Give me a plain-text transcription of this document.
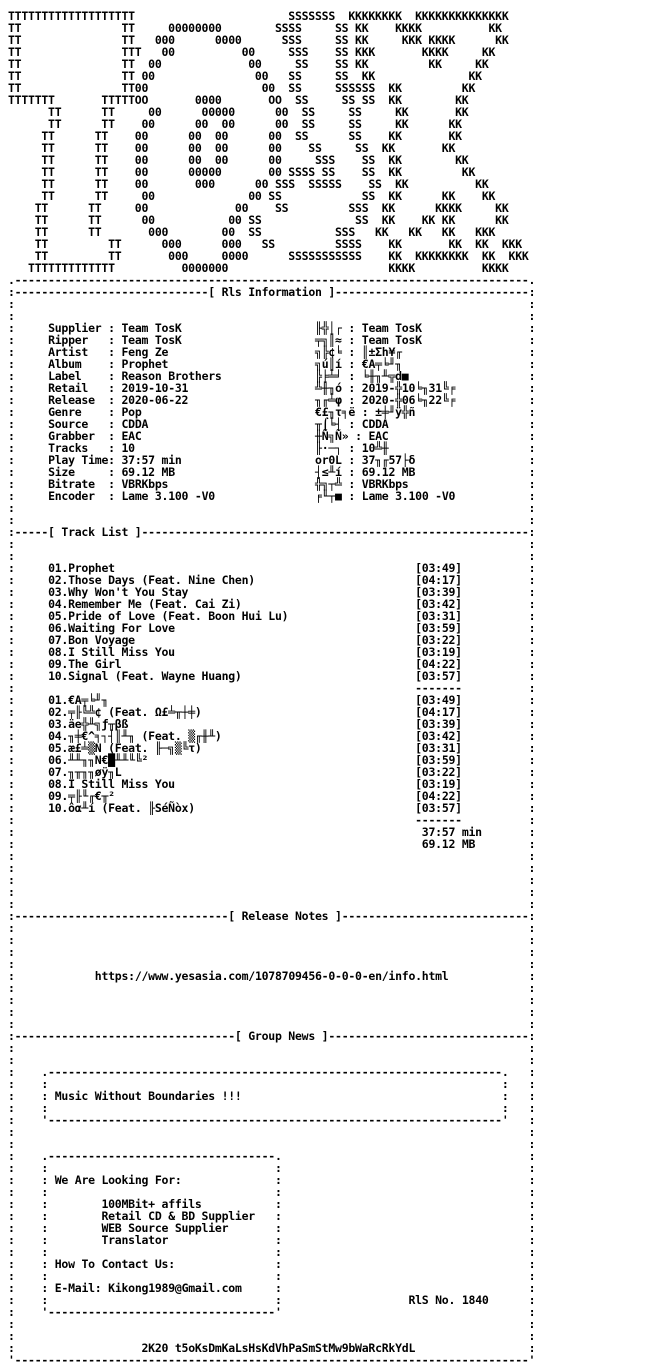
TTTTTTTTTTTTTTTTTTT                       SSSSSSS  KKKKKKKK  KKKKKKKKKKKKKK
TT               TT     00000000        SSSS     SS KK    KKKK          KK
TT               TT   000      0000      SSS     SS KK     KKK KKKK      KK
TT               TTT   00          00     SSS    SS KKK       KKKK     KK
TT               TT  00             00     SS    SS KK         KK     KK
TT               TT 00               00   SS     SS  KK              KK
TT               TT00                 00  SS     SSSSSS  KK         KK
TTTTTTT       TTTTTOO       0000       OO  SS     SS SS  KK        KK
TT      TT     00      00000      00  SS     SS     KK       KK
TT      TT    00      00  00      00  SS     SS     KK      KK
TT      TT    00      00  00      00  SS      SS    KK       KK
TT      TT    00      00  00      00    SS     SS  KK       KK
TT      TT    00      00  00      00     SSS    SS  KK        KK
TT      TT    00      00000       00 SSSS SS    SS  KK         KK
TT      TT    00       000      00 SSS  SSSSS    SS  KK          KK
TT      TT     00              00 SS            SS  KK      KK    KK
TT      TT     00             00    SS         SSS  KK      KKKK     KK
TT      TT      00           00 SS              SS  KK    KK KK      KK
TT      TT       000        00  SS           SSS   KK   KK   KK   KKK
TT         TT      000      000   SS         SSSS    KK       KK  KK  KKK
TT         TT       000     0000      SSSSSSSSSSS    KK  KKKKKKKK  KK  KKK
TTTTTTTTTTTTT          0000000                        KKKK          KKKK
.-----------------------------------------------------------------------------.
:-----------------------------[ Rls Information ]-----------------------------:
:                                                                             :
:                                                                             :
:	Supplier : Team TosK	╟╬│┌ : Team TosK	:
:	Ripper   : Team TosK	╤╗║≈ : Team TosK	:
:	Artist   : Feng Ze	╗╠¢╘ : ║±Σh¥╓	:
:	Album    : Prophet	╗ú║í : €A╤╘╜╖	:
:	Label    : Reason Brothers	╠╞╧╛ : ╘╫╖╨╦d■	:
:	Retail   : 2019-10-31	╩╫╖ó : 2019-╬10╘╖31╚╒	:
:	Release  : 2020-06-22	╖╓╧φ : 2020-╬06╘╖22╚╒	:
:	Genre    : Pop	€£╖τ╕ё : ±╪╜ÿ╬ñ	:
:	Source   : CDDA	╥⌠╘┤ : CDDA	:
:	Grabber  : EAC	╫Ñ╗Ñ» : EAC	:
:	Tracks   : 10	╟·─┐ : 10╩╫	:
:	Play Time: 37:57 min	or0L : 37╖╓57├δ	:
:	Size     : 69.12 MB	┤≤╨í : 69.12 MB	:
:	Bitrate  : VBRKbps	╬╗┬╩ : VBRKbps	:
:	Encoder  : Lame 3.100 -V0	╒╙┬■ : Lame 3.100 -V0	:
:                                                                             :
:                                                                             :
:-----[ Track List ]----------------------------------------------------------:
:                                                                             :
:                                                                             :
:	01.Prophet	[03:49]	:
:	02.Those Days (Feat. Nine Chen)	[04:17]	:
:	03.Why Won't You Stay	[03:39]	:
:	04.Remember Me (Feat. Cai Zi)	[03:42]	:
:	05.Pride of Love (Feat. Boon Hui Lu)	[03:31]	:
:	06.Waiting For Love	[03:59]	:
:	07.Bon Voyage	[03:22]	:
:	08.I Still Miss You	[03:19]	:
:	09.The Girl	[04:22]	:
:	10.Signal (Feat. Wayne Huang)	[03:57]	:
:                                                            -------	:
:	01.€A╤╘╜╖	[03:49]	:
:	02.╤╟╚╩¢ (Feat. Ω£╧╥┼╪)	[04:17]	:
:	03.äe╬╨╗ƒ╥βß	[03:39]	:
:	04.╖╪€^╕┐┤║╨╖ (Feat. ▒╓╫╨)	[03:42]	:
:	05.æ£╧▒N (Feat. ╟─╗▒╚τ)	[03:31]	:
:	06.╨╨╖╖N€█╨╨╙╚²	[03:59]	:
:	07.╖╥╖╖øÿ╖L	[03:22]	:
:	08.I Still Miss You	[03:19]	:
:	09.╤╟╙╓€╥²	[04:22]	:
:	10.ôα╨í (Feat. ╟SéÑòx)	[03:57]	:
:                                                            -------	:
:	37:57 min	:
:	69.12 MB	:
:                                                                             :
:                                                                             :
:                                                                             :
:                                                                             :
:                                                                             :
:--------------------------------[ Release Notes ]----------------------------:
:                                                                             :
:                                                                             :
:                                                                             :
:                                                                             :
:	https://www.yesasia.com/1078709456-0-0-0-en/info.html	:
:                                                                             :
:                                                                             :
:                                                                             :
:                                                                             :
:---------------------------------[ Group News ]------------------------------:
:                                                                             :
:                                                                             :
:    .--------------------------------------------------------------------. :
:    :                                                                    : :
:    : Music Without Boundaries !!!                                       : :
:    :                                                                    : :
:    '--------------------------------------------------------------------' :
:                                                                             :
:                                                                             :
:    .----------------------------------.	:
:    :	:	:
:    : We Are Looking For:              :	:
:    :	:	:
:    :	100MBit+ affils           :	:
:    :	Retail CD & BD Supplier   :	:
:    :	WEB Source Supplier       :	:
:    :	Translator                :	:
:    :	:	:
:    : How To Contact Us:               :	:
:    :	:	:
:    : E-Mail: Kikong1989@Gmail.com     :	:
:    :                                  :                   RlS No. 1840	:
:    '----------------------------------'	:
:                                                                             :
:                                                                             :
:	2K20 t5oKsDmKaLsHsKdVhPaSmStMw9bWaRcRkYdL	:
'-----------------------------------------------------------------------------'
